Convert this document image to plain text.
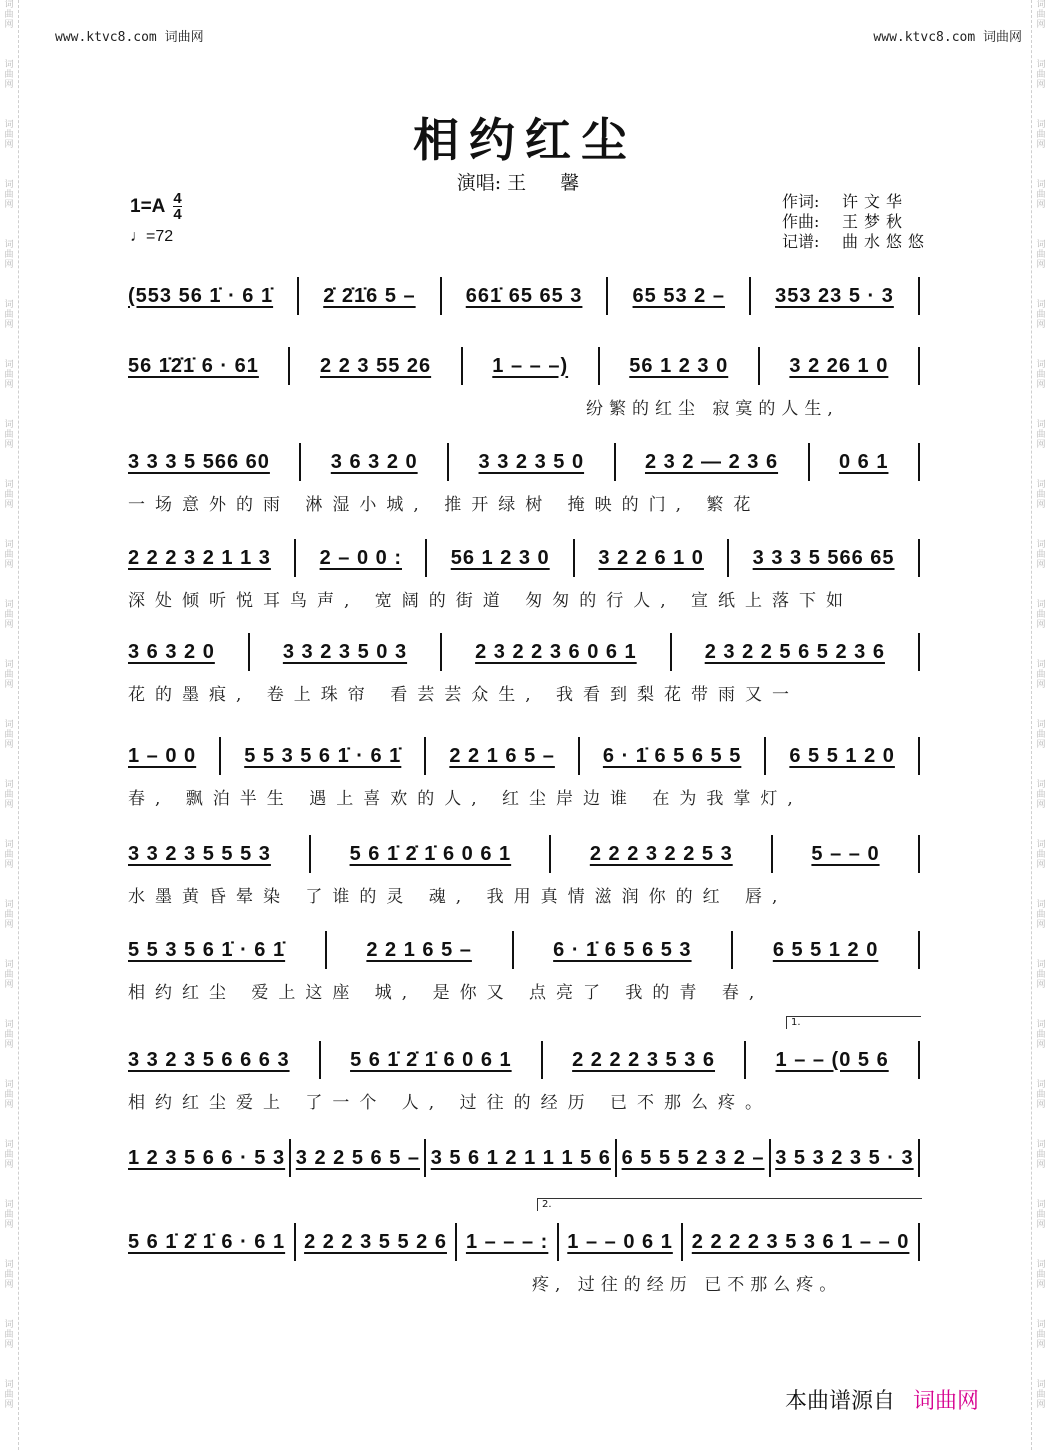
词
曲
网
词
曲
网
词
曲
网
词
曲
网
词
曲
网
词
曲
网
词
曲
网
词
曲
网
词
曲
网
词
曲
网
词
曲
网
词
曲
网
词
曲
网
词
曲
网
词
曲
网
词
曲
网
词
曲
网
词
曲
网
词
曲
网
词
曲
网
词
曲
网
词
曲
网
词
曲
网
词
曲
网
词
曲
网
词
曲
网
词
曲
网
词
曲
网
词
曲
网
词
曲
网
词
曲
网
词
曲
网
词
曲
网
词
曲
网
词
曲
网
词
曲
网
词
曲
网
词
曲
网
词
曲
网
词
曲
网
词
曲
网
词
曲
网
词
曲
网
词
曲
网
词
曲
网
词
曲
网
词
曲
网
词
曲
网
www.ktvc8.com 词曲网	www.ktvc8.com 词曲网
相约红尘
演唱: 王 馨
$1=A \frac{4}{4}$
♩=72
作词:	许文华
作曲:	王梦秋
记谱:	曲水悠悠
(553 56 1̇ · 6 1̇	2̇ 2̇1̇6 5 –	661̇ 65 65 3	65 53 2 –	353 23 5 · 3
56 1̇2̇1̇ 6 · 61	2 2 3 55 26	1 – – –)	56 1 2 3 0	3 2 26 1 0
纷繁的红尘 寂寞的人生,
3 3 3 5 566 60	3 6 3 2 0	3 3 2 3 5 0	2 3 2 — 2 3 6	0 6 1
一场意外的雨 淋湿小城, 推开绿树 掩映的门, 繁花
2 2 2 3 2 1 1 3 2 – 0 0 : 56 1 2 3 0 3 2 2 6 1 0 3 3 3 5 566 65
深处倾听悦耳鸟声, 宽阔的街道 匆匆的行人, 宣纸上落下如
3 6 3 2 0	3 3 2 3 5 0 3	2 3 2 2 3 6 0 6 1	2 3 2 2 5 6 5 2 3 6
花的墨痕, 卷上珠帘 看芸芸众生, 我看到梨花带雨又一
1 – 0 0 5 5 3 5 6 1̇ · 6 1̇ 2 2 1 6 5 – 6 · 1̇ 6 5 6 5 5 6 5 5 1 2 0
春, 飘泊半生 遇上喜欢的人, 红尘岸边谁 在为我掌灯,
3 3 2 3 5 5 5 3	5 6 1̇ 2̇ 1̇ 6 0 6 1	2 2 2 3 2 2 5 3	5 – – 0
水墨黄昏晕染 了谁的灵 魂, 我用真情滋润你的红 唇,
5 5 3 5 6 1̇ · 6 1̇	2 2 1 6 5 –	6 · 1̇ 6 5 6 5 3	6 5 5 1 2 0
相约红尘 爱上这座 城, 是你又 点亮了 我的青 春,
3 3 2 3 5 6 6 6 3	5 6 1̇ 2̇ 1̇ 6 0 6 1	2 2 2 2 3 5 3 6	1 – – (0 5 6
相约红尘爱上 了一个 人, 过往的经历 已不那么疼。
1 2 3 5 6 6 · 5 3 3 2 2 5 6 5 – 3 5 6 1 2 1 1 1 5 6 6 5 5 5 2 3 2 – 3 5 3 2 3 5 · 3
5 6 1̇ 2̇ 1̇ 6 · 6 1 2 2 2 3 5 5 2 6 1 – – – : 1 – – 0 6 1 2 2 2 2 3 5 3 6 1 – – 0
疼, 过往的经历 已不那么疼。
1.
2.
本曲谱源自 词曲网
